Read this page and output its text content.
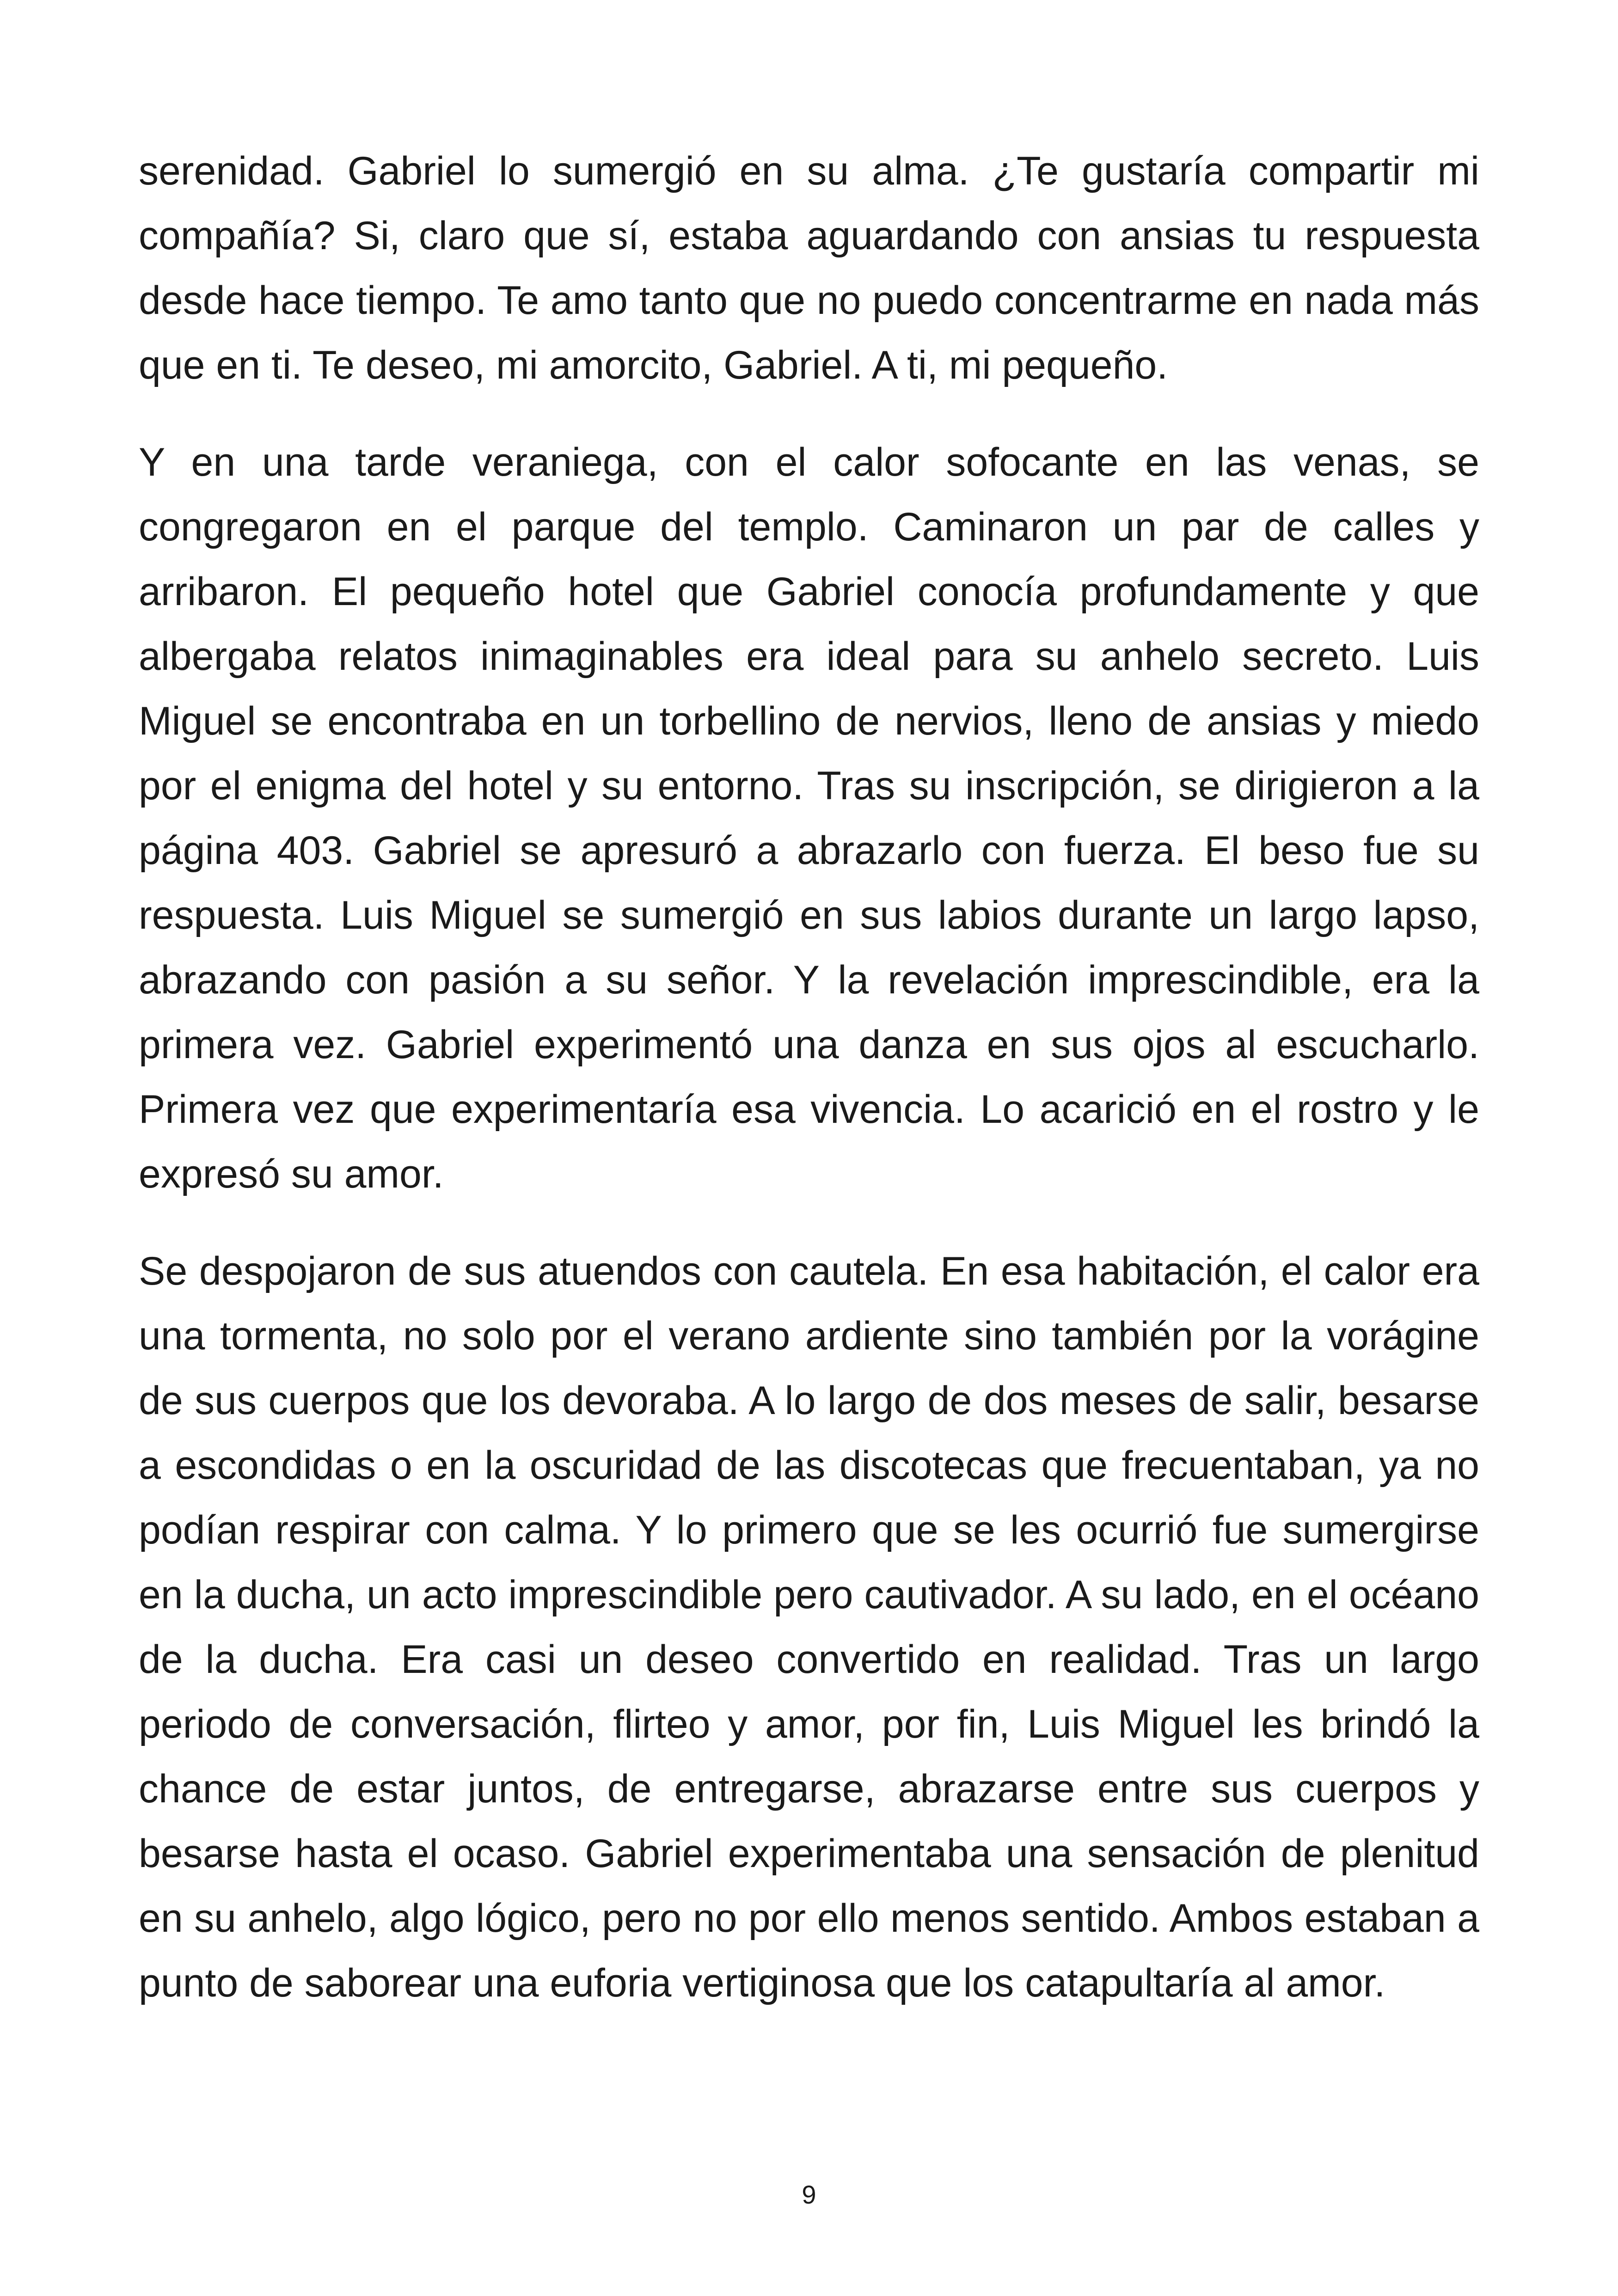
serenidad. Gabriel lo sumergió en su alma. ¿Te gustaría compartir mi compañía? Si, claro que sí, estaba aguardando con ansias tu respuesta desde hace tiempo. Te amo tanto que no puedo concentrarme en nada más que en ti. Te deseo, mi amorcito, Gabriel. A ti, mi pequeño.

Y en una tarde veraniega, con el calor sofocante en las venas, se congregaron en el parque del templo. Caminaron un par de calles y arribaron. El pequeño hotel que Gabriel conocía profundamente y que albergaba relatos inimaginables era ideal para su anhelo secreto. Luis Miguel se encontraba en un torbellino de nervios, lleno de ansias y miedo por el enigma del hotel y su entorno. Tras su inscripción, se dirigieron a la página 403. Gabriel se apresuró a abrazarlo con fuerza. El beso fue su respuesta. Luis Miguel se sumergió en sus labios durante un largo lapso, abrazando con pasión a su señor. Y la revelación imprescindible, era la primera vez. Gabriel experimentó una danza en sus ojos al escucharlo. Primera vez que experimentaría esa vivencia. Lo acarició en el rostro y le expresó su amor.

Se despojaron de sus atuendos con cautela. En esa habitación, el calor era una tormenta, no solo por el verano ardiente sino también por la vorágine de sus cuerpos que los devoraba. A lo largo de dos meses de salir, besarse a escondidas o en la oscuridad de las discotecas que frecuentaban, ya no podían respirar con calma. Y lo primero que se les ocurrió fue sumergirse en la ducha, un acto imprescindible pero cautivador. A su lado, en el océano de la ducha. Era casi un deseo convertido en realidad. Tras un largo periodo de conversación, flirteo y amor, por fin, Luis Miguel les brindó la chance de estar juntos, de entregarse, abrazarse entre sus cuerpos y besarse hasta el ocaso. Gabriel experimentaba una sensación de plenitud en su anhelo, algo lógico, pero no por ello menos sentido. Ambos estaban a punto de saborear una euforia vertiginosa que los catapultaría al amor.

9
